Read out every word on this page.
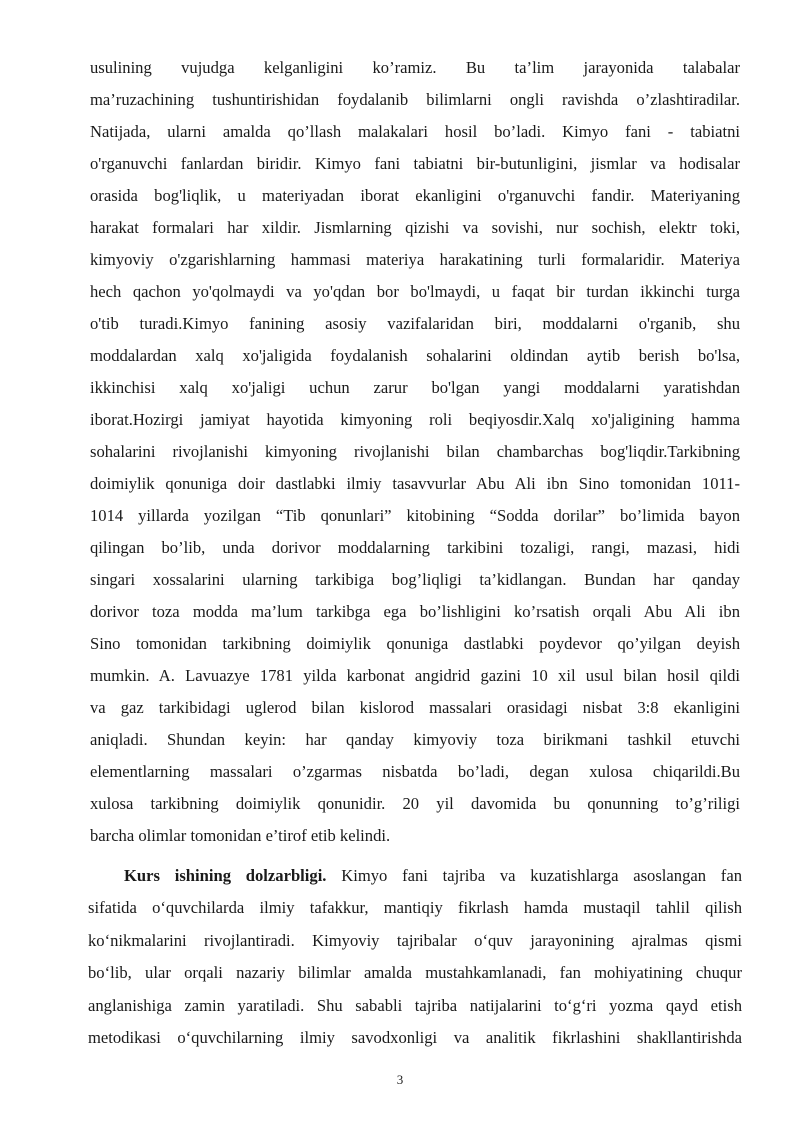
usulining vujudga kelganligini ko’ramiz. Bu ta’lim jarayonida talabalar
ma’ruzachining tushuntirishidan foydalanib bilimlarni ongli ravishda o’zlashtiradilar.
Natijada, ularni amalda qo’llash malakalari hosil bo’ladi. Kimyo fani - tabiatni
o'rganuvchi fanlardan biridir. Kimyo fani tabiatni bir-butunligini, jismlar va hodisalar
orasida bog'liqlik, u materiyadan iborat ekanligini o'rganuvchi fandir. Materiyaning
harakat formalari har xildir. Jismlarning qizishi va sovishi, nur sochish, elektr toki,
kimyoviy o'zgarishlarning hammasi materiya harakatining turli formalaridir. Materiya
hech qachon yo'qolmaydi va yo'qdan bor bo'lmaydi, u faqat bir turdan ikkinchi turga
o'tib turadi.Kimyo fanining asosiy vazifalaridan biri, moddalarni o'rganib, shu
moddalardan xalq xo'jaligida foydalanish sohalarini oldindan aytib berish bo'lsa,
ikkinchisi xalq xo'jaligi uchun zarur bo'lgan yangi moddalarni yaratishdan
iborat.Hozirgi jamiyat hayotida kimyoning roli beqiyosdir.Xalq xo'jaligining hamma
sohalarini rivojlanishi kimyoning rivojlanishi bilan chambarchas bog'liqdir.Tarkibning
doimiylik qonuniga doir dastlabki ilmiy tasavvurlar Abu Ali ibn Sino tomonidan 1011-
1014 yillarda yozilgan “Tib qonunlari” kitobining “Sodda dorilar” bo’limida bayon
qilingan bo’lib, unda dorivor moddalarning tarkibini tozaligi, rangi, mazasi, hidi
singari xossalarini ularning tarkibiga bog’liqligi ta’kidlangan. Bundan har qanday
dorivor toza modda ma’lum tarkibga ega bo’lishligini ko’rsatish orqali Abu Ali ibn
Sino tomonidan tarkibning doimiylik qonuniga dastlabki poydevor qo’yilgan deyish
mumkin. A. Lavuazye 1781 yilda karbonat angidrid gazini 10 xil usul bilan hosil qildi
va gaz tarkibidagi uglerod bilan kislorod massalari orasidagi nisbat 3:8 ekanligini
aniqladi. Shundan keyin: har qanday kimyoviy toza birikmani tashkil etuvchi
elementlarning massalari o’zgarmas nisbatda bo’ladi, degan xulosa chiqarildi.Bu
xulosa tarkibning doimiylik qonunidir. 20 yil davomida bu qonunning to’g’riligi
barcha olimlar tomonidan e’tirof etib kelindi.
Kurs ishining dolzarbligi. Kimyo fani tajriba va kuzatishlarga asoslangan fan
sifatida o‘quvchilarda ilmiy tafakkur, mantiqiy fikrlash hamda mustaqil tahlil qilish
ko‘nikmalarini rivojlantiradi. Kimyoviy tajribalar o‘quv jarayonining ajralmas qismi
bo‘lib, ular orqali nazariy bilimlar amalda mustahkamlanadi, fan mohiyatining chuqur
anglanishiga zamin yaratiladi. Shu sababli tajriba natijalarini to‘g‘ri yozma qayd etish
metodikasi o‘quvchilarning ilmiy savodxonligi va analitik fikrlashini shakllantirishda
3
